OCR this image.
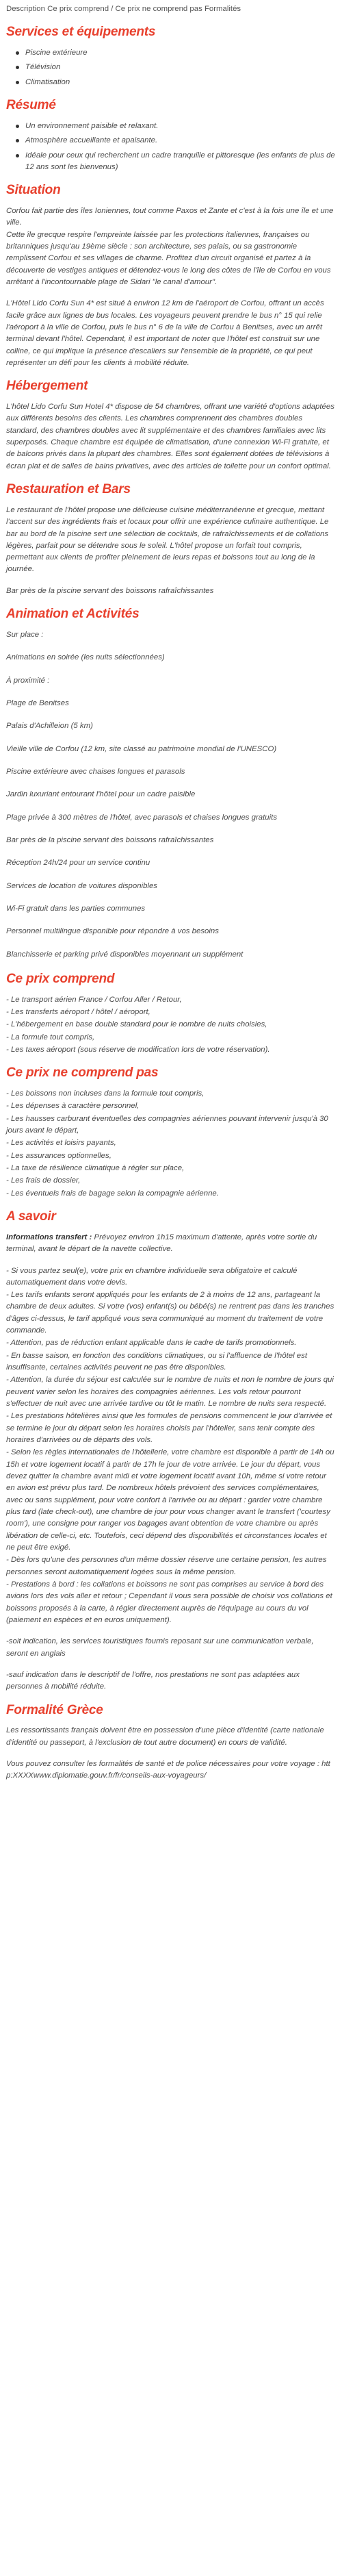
Description Ce prix comprend / Ce prix ne comprend pas Formalités
Services et équipements
Piscine extérieure
Télévision
Climatisation
Résumé
Un environnement paisible et relaxant.
Atmosphère accueillante et apaisante.
Idéale pour ceux qui recherchent un cadre tranquille et pittoresque (les enfants de plus de 12 ans sont les bienvenus)
Situation

Corfou fait partie des îles Ioniennes, tout comme Paxos et Zante et c'est à la fois une île et une ville.

Cette île grecque respire l'empreinte laissée par les protections italiennes, françaises ou britanniques jusqu'au 19ème siècle : son architecture, ses palais, ou sa gastronomie remplissent Corfou et ses villages de charme. Profitez d'un circuit organisé et partez à la découverte de vestiges antiques et détendez-vous le long des côtes de l'île de Corfou en vous arrêtant à l'incontournable plage de Sidari "le canal d'amour".

L'Hôtel Lido Corfu Sun 4* est situé à environ 12 km de l'aéroport de Corfou, offrant un accès facile grâce aux lignes de bus locales. Les voyageurs peuvent prendre le bus n° 15 qui relie l'aéroport à la ville de Corfou, puis le bus n° 6 de la ville de Corfou à Benitses, avec un arrêt terminal devant l'hôtel. Cependant, il est important de noter que l'hôtel est construit sur une colline, ce qui implique la présence d'escaliers sur l'ensemble de la propriété, ce qui peut représenter un défi pour les clients à mobilité réduite.

Hébergement

L'hôtel Lido Corfu Sun Hotel 4* dispose de 54 chambres, offrant une variété d'options adaptées aux différents besoins des clients. Les chambres comprennent des chambres doubles standard, des chambres doubles avec lit supplémentaire et des chambres familiales avec lits superposés. Chaque chambre est équipée de climatisation, d'une connexion Wi-Fi gratuite, et de balcons privés dans la plupart des chambres. Elles sont également dotées de télévisions à écran plat et de salles de bains privatives, avec des articles de toilette pour un confort optimal.

Restauration et Bars

Le restaurant de l'hôtel propose une délicieuse cuisine méditerranéenne et grecque, mettant l'accent sur des ingrédients frais et locaux pour offrir une expérience culinaire authentique. Le bar au bord de la piscine sert une sélection de cocktails, de rafraîchissements et de collations légères, parfait pour se détendre sous le soleil. L'hôtel propose un forfait tout compris, permettant aux clients de profiter pleinement de leurs repas et boissons tout au long de la journée.

Bar près de la piscine servant des boissons rafraîchissantes

Animation et Activités

Sur place :

Animations en soirée (les nuits sélectionnées)

À proximité :

Plage de Benitses

Palais d'Achilleion (5 km)

Vieille ville de Corfou (12 km, site classé au patrimoine mondial de l'UNESCO)

Piscine extérieure avec chaises longues et parasols

Jardin luxuriant entourant l'hôtel pour un cadre paisible

Plage privée à 300 mètres de l'hôtel, avec parasols et chaises longues gratuits

Bar près de la piscine servant des boissons rafraîchissantes

Réception 24h/24 pour un service continu

Services de location de voitures disponibles

Wi-Fi gratuit dans les parties communes

Personnel multilingue disponible pour répondre à vos besoins

Blanchisserie et parking privé disponibles moyennant un supplément

Ce prix comprend

- Le transport aérien France / Corfou Aller / Retour,

- Les transferts aéroport / hôtel / aéroport,

- L'hébergement en base double standard pour le nombre de nuits choisies,

- La formule tout compris,

- Les taxes aéroport (sous réserve de modification lors de votre réservation).

Ce prix ne comprend pas

- Les boissons non incluses dans la formule tout compris,

- Les dépenses à caractère personnel,

- Les hausses carburant éventuelles des compagnies aériennes pouvant intervenir jusqu'à 30 jours avant le départ,

- Les activités et loisirs payants,

- Les assurances optionnelles,

- La taxe de résilience climatique à régler sur place,

- Les frais de dossier,

- Les éventuels frais de bagage selon la compagnie aérienne.

A savoir

Informations transfert : Prévoyez environ 1h15 maximum d'attente, après votre sortie du terminal, avant le départ de la navette collective.

- Si vous partez seul(e), votre prix en chambre individuelle sera obligatoire et calculé automatiquement dans votre devis.

- Les tarifs enfants seront appliqués pour les enfants de 2 à moins de 12 ans, partageant la chambre de deux adultes. Si votre (vos) enfant(s) ou bébé(s) ne rentrent pas dans les tranches d'âges ci-dessus, le tarif appliqué vous sera communiqué au moment du traitement de votre commande.

- Attention, pas de réduction enfant applicable dans le cadre de tarifs promotionnels.

- En basse saison, en fonction des conditions climatiques, ou si l'affluence de l'hôtel est insuffisante, certaines activités peuvent ne pas être disponibles.

- Attention, la durée du séjour est calculée sur le nombre de nuits et non le nombre de jours qui peuvent varier selon les horaires des compagnies aériennes. Les vols retour pourront s'effectuer de nuit avec une arrivée tardive ou tôt le matin. Le nombre de nuits sera respecté.

- Les prestations hôtelières ainsi que les formules de pensions commencent le jour d'arrivée et se termine le jour du départ selon les horaires choisis par l'hôtelier, sans tenir compte des horaires d'arrivées ou de départs des vols.

- Selon les règles internationales de l'hôtellerie, votre chambre est disponible à partir de 14h ou 15h et votre logement locatif à partir de 17h le jour de votre arrivée. Le jour du départ, vous devez quitter la chambre avant midi et votre logement locatif avant 10h, même si votre retour en avion est prévu plus tard. De nombreux hôtels prévoient des services complémentaires, avec ou sans supplément, pour votre confort à l'arrivée ou au départ : garder votre chambre plus tard (late check-out), une chambre de jour pour vous changer avant le transfert ('courtesy room'), une consigne pour ranger vos bagages avant obtention de votre chambre ou après libération de celle-ci, etc. Toutefois, ceci dépend des disponibilités et circonstances locales et ne peut être exigé.

- Dès lors qu'une des personnes d'un même dossier réserve une certaine pension, les autres personnes seront automatiquement logées sous la même pension.

- Prestations à bord : les collations et boissons ne sont pas comprises au service à bord des avions lors des vols aller et retour ; Cependant il vous sera possible de choisir vos collations et boissons proposés à la carte, à régler directement auprès de l'équipage au cours du vol (paiement en espèces et en euros uniquement).

-soit indication, les services touristiques fournis reposant sur une communication verbale, seront en anglais

-sauf indication dans le descriptif de l'offre, nos prestations ne sont pas adaptées aux personnes à mobilité réduite.

Formalité Grèce

Les ressortissants français doivent être en possession d'une pièce d'identité (carte nationale d'identité ou passeport, à l'exclusion de tout autre document) en cours de validité.

Vous pouvez consulter les formalités de santé et de police nécessaires pour votre voyage : http:XXXXwww.diplomatie.gouv.fr/fr/conseils-aux-voyageurs/
